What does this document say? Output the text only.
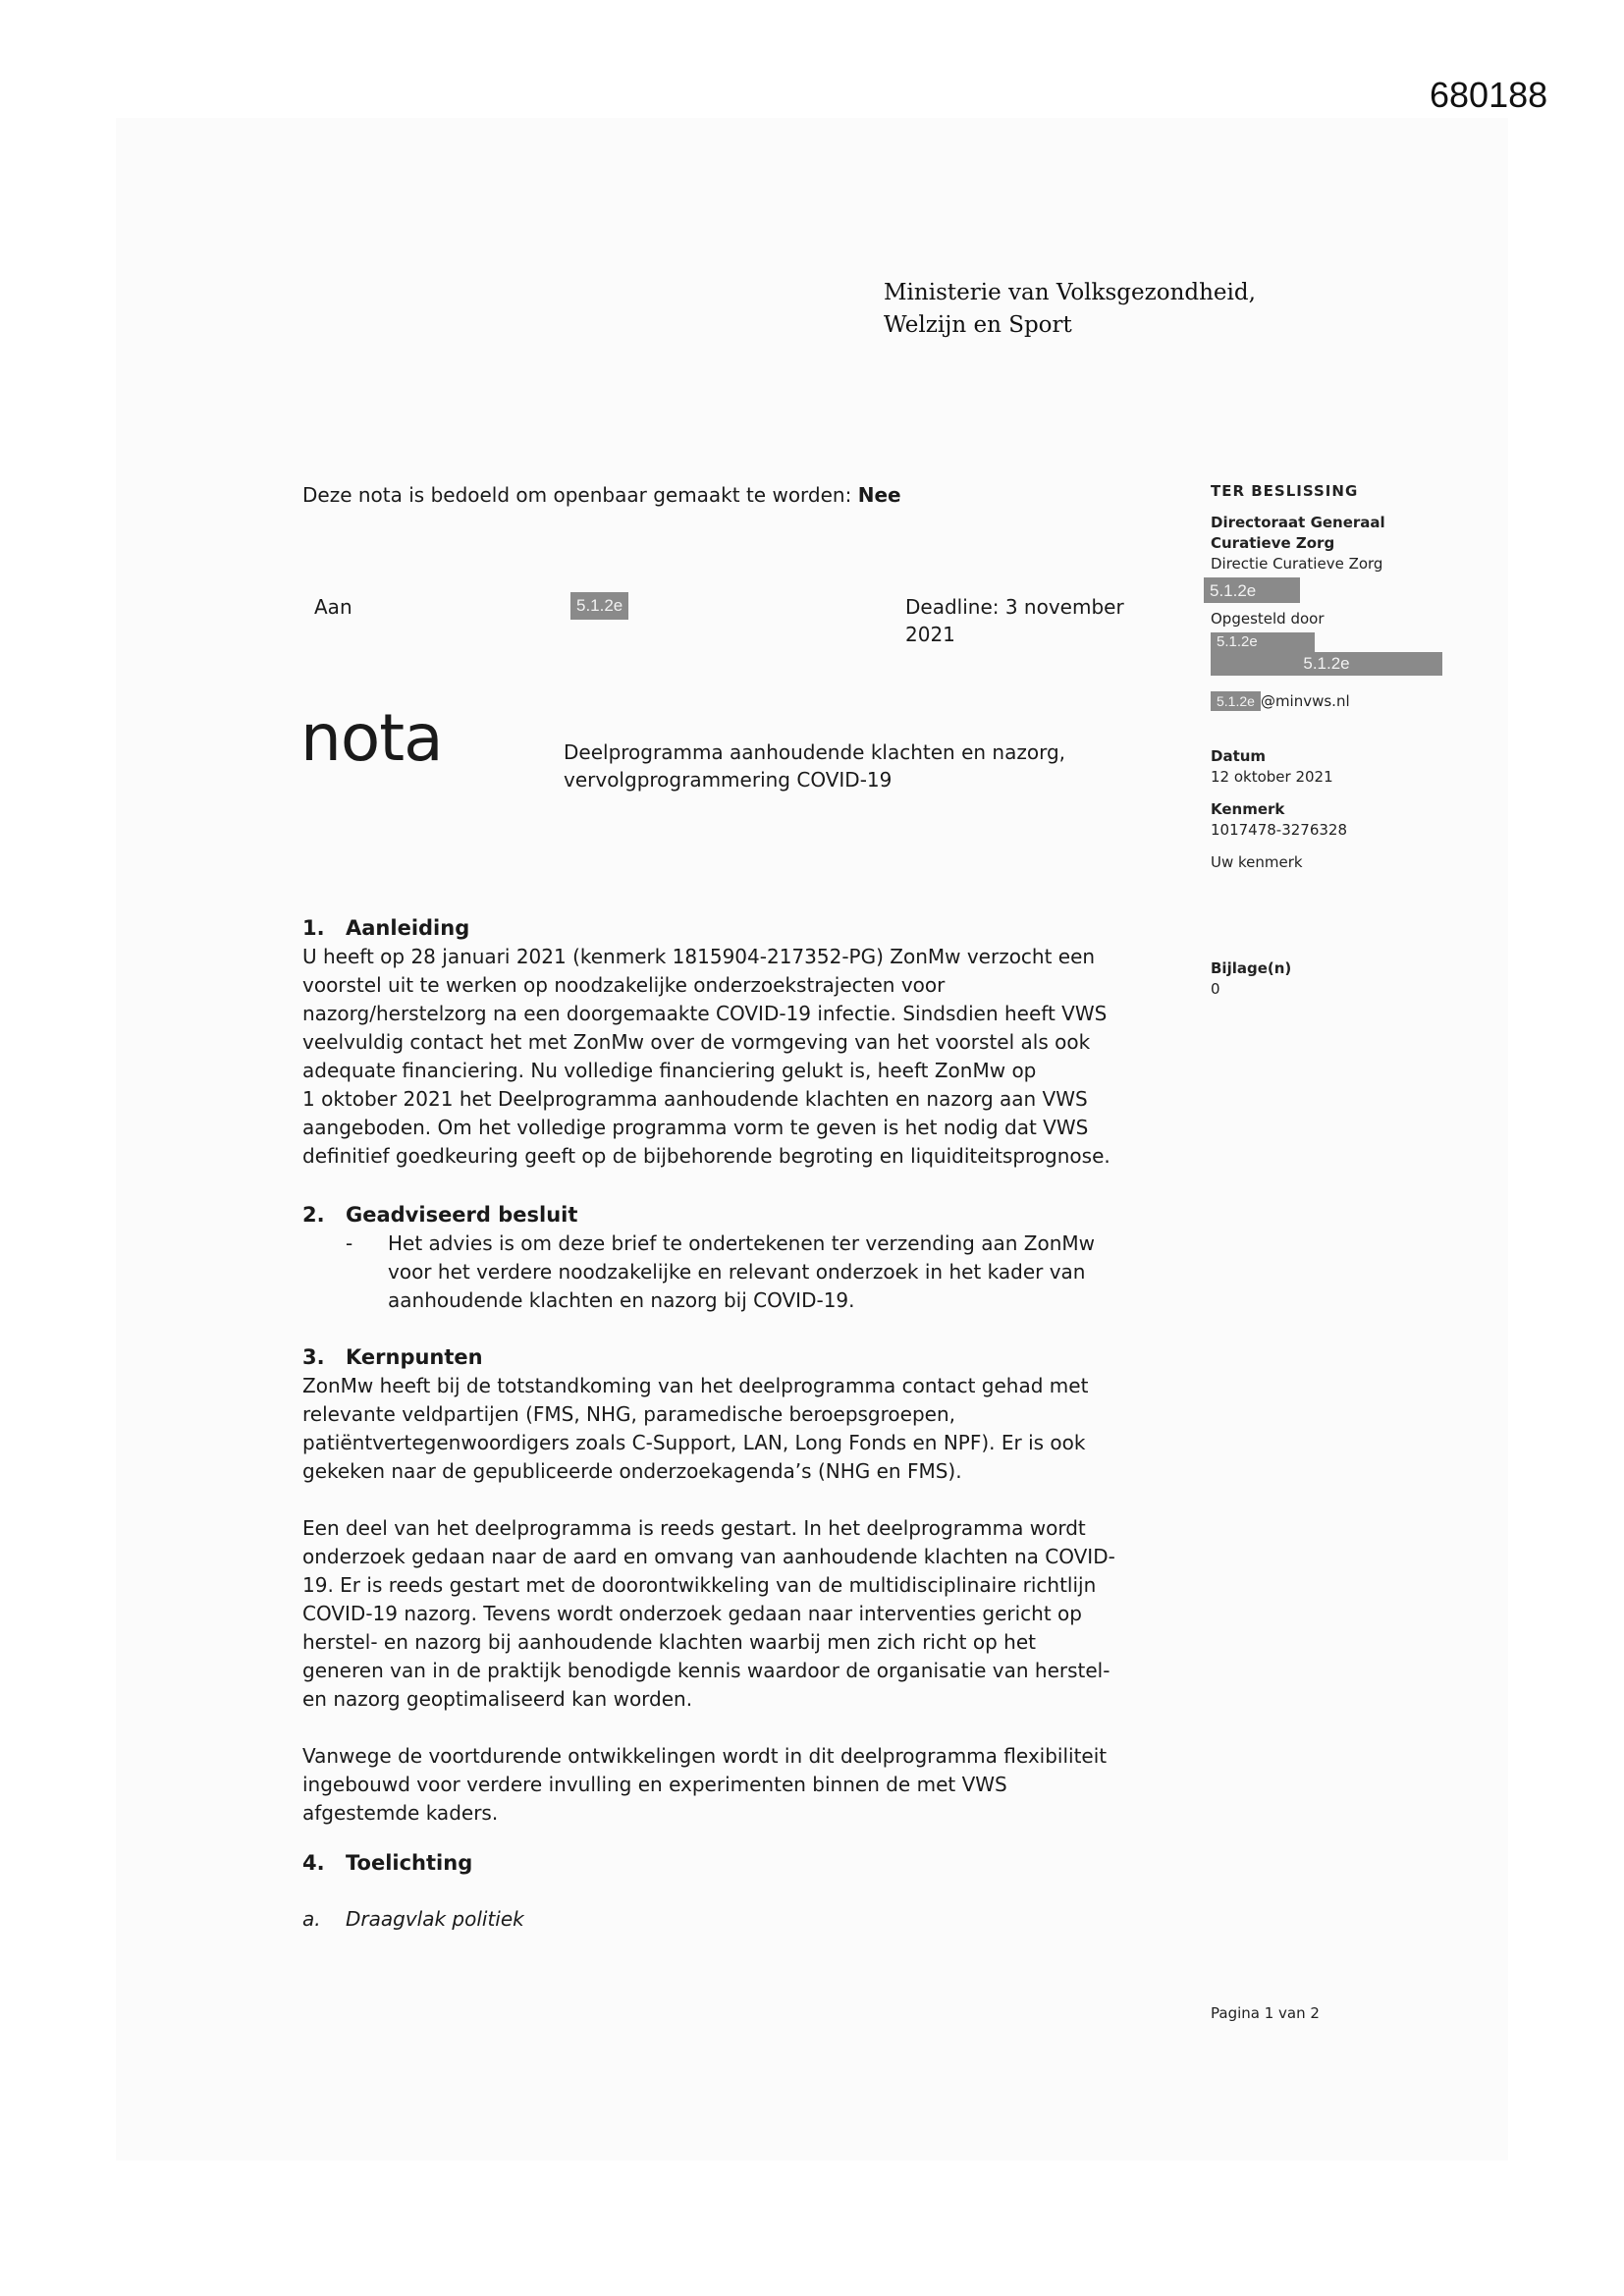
680188
Ministerie van Volksgezondheid,
Welzijn en Sport
Deze nota is bedoeld om openbaar gemaakt te worden: Nee
Aan	5.1.2e	Deadline: 3 november
2021
nota	Deelprogramma aanhoudende klachten en nazorg,
vervolgprogrammering COVID-19
TER BESLISSING
Directoraat Generaal
Curatieve Zorg
Directie Curatieve Zorg
5.1.2e
Opgesteld door
5.1.2e
5.1.2e
5.1.2e @minvws.nl
Datum
12 oktober 2021
Kenmerk
1017478-3276328
Uw kenmerk
Bijlage(n)
0

1. Aanleiding

U heeft op 28 januari 2021 (kenmerk 1815904-217352-PG) ZonMw verzocht een
voorstel uit te werken op noodzakelijke onderzoekstrajecten voor
nazorg/herstelzorg na een doorgemaakte COVID-19 infectie. Sindsdien heeft VWS
veelvuldig contact het met ZonMw over de vormgeving van het voorstel als ook
adequate financiering. Nu volledige financiering gelukt is, heeft ZonMw op
1 oktober 2021 het Deelprogramma aanhoudende klachten en nazorg aan VWS
aangeboden. Om het volledige programma vorm te geven is het nodig dat VWS
definitief goedkeuring geeft op de bijbehorende begroting en liquiditeitsprognose.

2. Geadviseerd besluit

- Het advies is om deze brief te ondertekenen ter verzending aan ZonMw
voor het verdere noodzakelijke en relevant onderzoek in het kader van
aanhoudende klachten en nazorg bij COVID-19.

3. Kernpunten

ZonMw heeft bij de totstandkoming van het deelprogramma contact gehad met
relevante veldpartijen (FMS, NHG, paramedische beroepsgroepen,
patiëntvertegenwoordigers zoals C-Support, LAN, Long Fonds en NPF). Er is ook
gekeken naar de gepubliceerde onderzoekagenda’s (NHG en FMS).

Een deel van het deelprogramma is reeds gestart. In het deelprogramma wordt
onderzoek gedaan naar de aard en omvang van aanhoudende klachten na COVID-
19. Er is reeds gestart met de doorontwikkeling van de multidisciplinaire richtlijn
COVID-19 nazorg. Tevens wordt onderzoek gedaan naar interventies gericht op
herstel- en nazorg bij aanhoudende klachten waarbij men zich richt op het
generen van in de praktijk benodigde kennis waardoor de organisatie van herstel-
en nazorg geoptimaliseerd kan worden.

Vanwege de voortdurende ontwikkelingen wordt in dit deelprogramma flexibiliteit
ingebouwd voor verdere invulling en experimenten binnen de met VWS
afgestemde kaders.

4. Toelichting

a. Draagvlak politiek

Pagina 1 van 2
